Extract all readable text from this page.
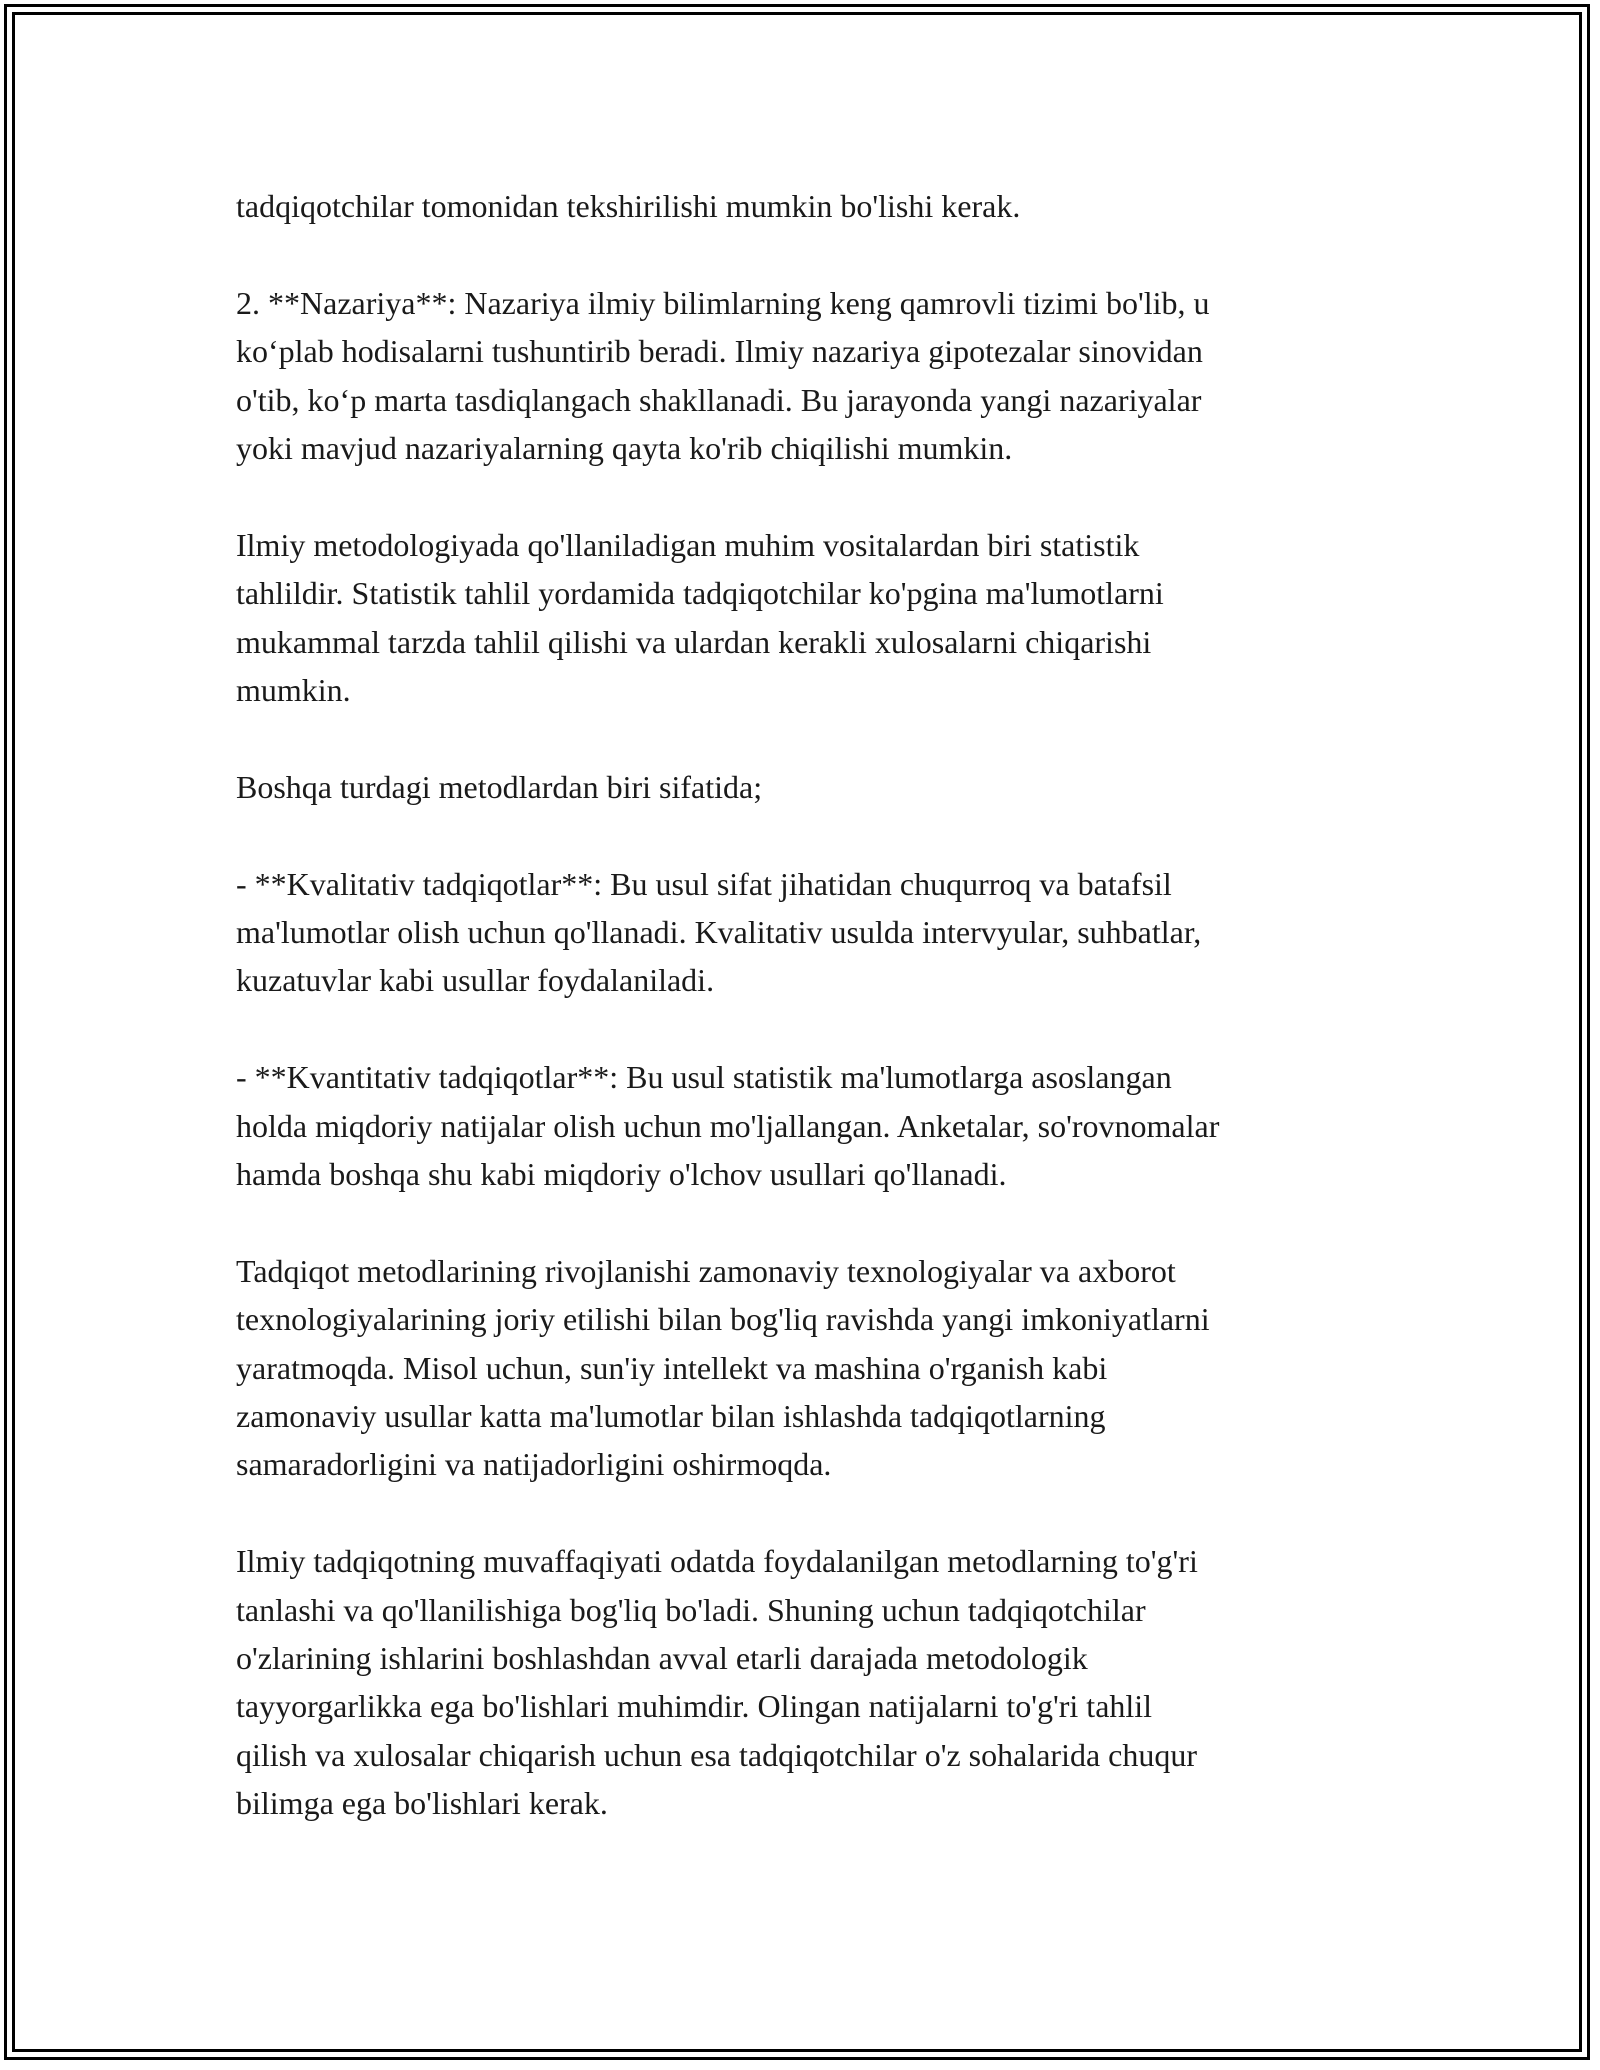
tadqiqotchilar tomonidan tekshirilishi mumkin bo'lishi kerak.

2. **Nazariya**: Nazariya ilmiy bilimlarning keng qamrovli tizimi bo'lib, u
ko‘plab hodisalarni tushuntirib beradi. Ilmiy nazariya gipotezalar sinovidan
o'tib, ko‘p marta tasdiqlangach shakllanadi. Bu jarayonda yangi nazariyalar
yoki mavjud nazariyalarning qayta ko'rib chiqilishi mumkin.

Ilmiy metodologiyada qo'llaniladigan muhim vositalardan biri statistik
tahlildir. Statistik tahlil yordamida tadqiqotchilar ko'pgina ma'lumotlarni
mukammal tarzda tahlil qilishi va ulardan kerakli xulosalarni chiqarishi
mumkin.

Boshqa turdagi metodlardan biri sifatida;

- **Kvalitativ tadqiqotlar**: Bu usul sifat jihatidan chuqurroq va batafsil
ma'lumotlar olish uchun qo'llanadi. Kvalitativ usulda intervyular, suhbatlar,
kuzatuvlar kabi usullar foydalaniladi.

- **Kvantitativ tadqiqotlar**: Bu usul statistik ma'lumotlarga asoslangan
holda miqdoriy natijalar olish uchun mo'ljallangan. Anketalar, so'rovnomalar
hamda boshqa shu kabi miqdoriy o'lchov usullari qo'llanadi.

Tadqiqot metodlarining rivojlanishi zamonaviy texnologiyalar va axborot
texnologiyalarining joriy etilishi bilan bog'liq ravishda yangi imkoniyatlarni
yaratmoqda. Misol uchun, sun'iy intellekt va mashina o'rganish kabi
zamonaviy usullar katta ma'lumotlar bilan ishlashda tadqiqotlarning
samaradorligini va natijadorligini oshirmoqda.

Ilmiy tadqiqotning muvaffaqiyati odatda foydalanilgan metodlarning to'g'ri
tanlashi va qo'llanilishiga bog'liq bo'ladi. Shuning uchun tadqiqotchilar
o'zlarining ishlarini boshlashdan avval etarli darajada metodologik
tayyorgarlikka ega bo'lishlari muhimdir. Olingan natijalarni to'g'ri tahlil
qilish va xulosalar chiqarish uchun esa tadqiqotchilar o'z sohalarida chuqur
bilimga ega bo'lishlari kerak.
